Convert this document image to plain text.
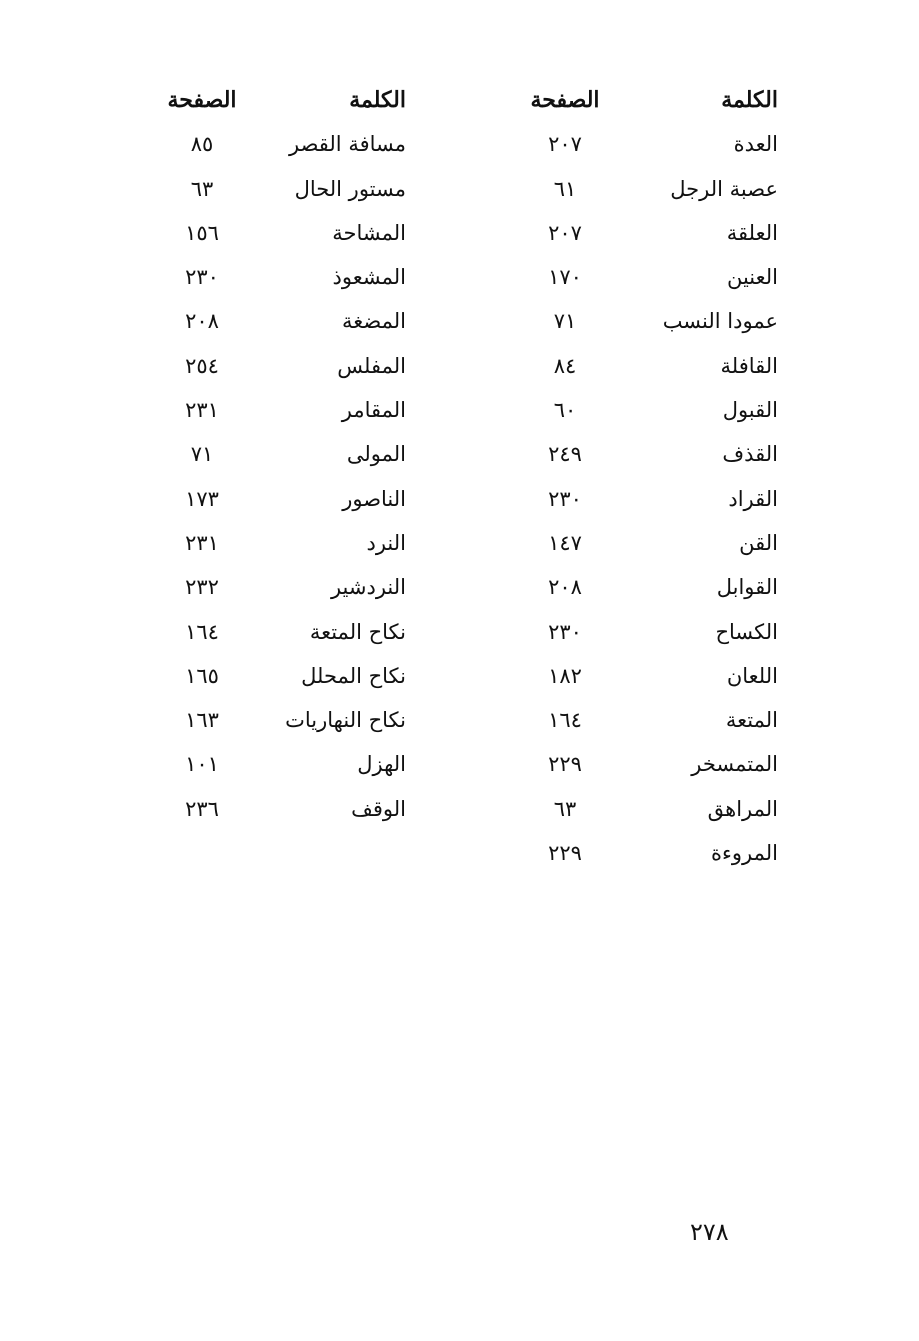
الكلمة
الصفحة
العدة
٢٠٧
عصبة الرجل
٦١
العلقة
٢٠٧
العنين
١٧٠
عمودا النسب
٧١
القافلة
٨٤
القبول
٦٠
القذف
٢٤٩
القراد
٢٣٠
القن
١٤٧
القوابل
٢٠٨
الكساح
٢٣٠
اللعان
١٨٢
المتعة
١٦٤
المتمسخر
٢٢٩
المراهق
٦٣
المروءة
٢٢٩
الكلمة
الصفحة
مسافة القصر
٨٥
مستور الحال
٦٣
المشاحة
١٥٦
المشعوذ
٢٣٠
المضغة
٢٠٨
المفلس
٢٥٤
المقامر
٢٣١
المولى
٧١
الناصور
١٧٣
النرد
٢٣١
النردشير
٢٣٢
نكاح المتعة
١٦٤
نكاح المحلل
١٦٥
نكاح النهاريات
١٦٣
الهزل
١٠١
الوقف
٢٣٦
٢٧٨
